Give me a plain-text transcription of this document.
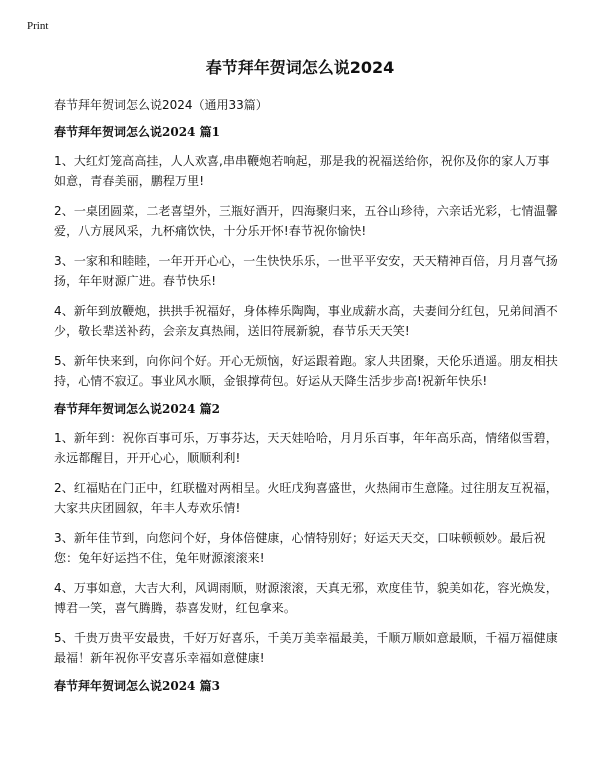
Print
春节拜年贺词怎么说2024

春节拜年贺词怎么说2024（通用33篇）

春节拜年贺词怎么说2024 篇1

1、大红灯笼高高挂，人人欢喜,串串鞭炮若响起，那是我的祝福送给你，祝你及你的家人万事如意，青春美丽，鹏程万里!

2、一桌团圆菜，二老喜望外，三瓶好酒开，四海聚归来，五谷山珍待，六亲话光彩，七情温馨爱，八方展风采，九杯痛饮快，十分乐开怀!春节祝你愉快!

3、一家和和睦睦，一年开开心心，一生快快乐乐，一世平平安安，天天精神百倍，月月喜气扬扬，年年财源广进。春节快乐!

4、新年到放鞭炮，拱拱手祝福好，身体棒乐陶陶，事业成薪水高，夫妻间分红包，兄弟间酒不少，敬长辈送补药，会亲友真热闹，送旧符展新貌，春节乐天天笑!

5、新年快来到，向你问个好。开心无烦恼，好运跟着跑。家人共团聚，天伦乐逍遥。朋友相扶持，心情不寂辽。事业风水顺，金银撑荷包。好运从天降生活步步高!祝新年快乐!

春节拜年贺词怎么说2024 篇2

1、新年到：祝你百事可乐，万事芬达，天天娃哈哈，月月乐百事，年年高乐高，情绪似雪碧，永远都醒目，开开心心，顺顺利利!

2、红福贴在门正中，红联楹对两相呈。火旺戊狗喜盛世，火热闹市生意隆。过往朋友互祝福，大家共庆团圆叙，年丰人寿欢乐情!

3、新年佳节到，向您问个好，身体倍健康，心情特别好；好运天天交，口味顿顿妙。最后祝您：兔年好运挡不住，兔年财源滚滚来!

4、万事如意，大吉大利，风调雨顺，财源滚滚，天真无邪，欢度佳节，貌美如花，容光焕发，博君一笑，喜气腾腾，恭喜发财，红包拿来。

5、千贵万贵平安最贵，千好万好喜乐，千美万美幸福最美，千顺万顺如意最顺，千福万福健康最福！新年祝你平安喜乐幸福如意健康!

春节拜年贺词怎么说2024 篇3
